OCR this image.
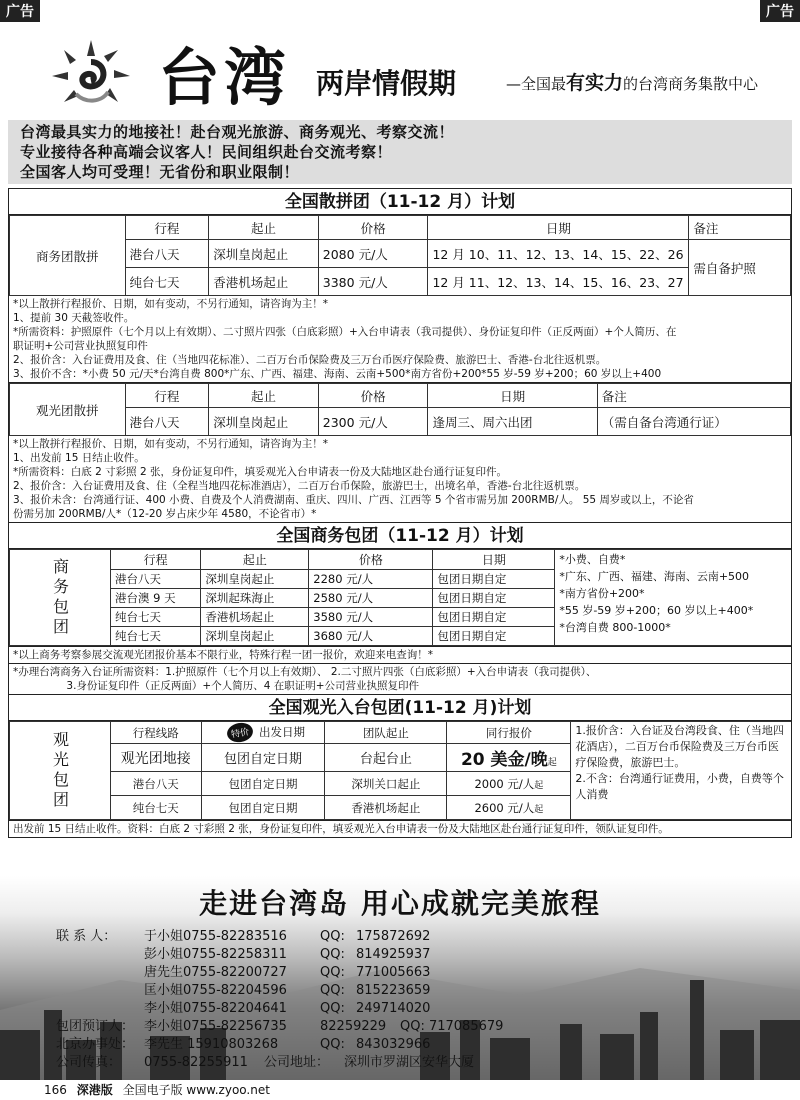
广告	广告
台湾 两岸情假期	—全国最有实力的台湾商务集散中心
台湾最具实力的地接社！赴台观光旅游、商务观光、考察交流！
专业接待各种高端会议客人！民间组织赴台交流考察！
全国客人均可受理！无省份和职业限制！
全国散拼团（11-12 月）计划
商务团散拼	行程	起止	价格	日期	备注
	港台八天	深圳皇岗起止	2080 元/人	12 月 10、11、12、13、14、15、22、26	需自备护照
	纯台七天	香港机场起止	3380 元/人	12 月 11、12、13、14、15、16、23、27	
*以上散拼行程报价、日期，如有变动，不另行通知，请咨询为主！*
1、提前 30 天截签收件。
*所需资料：护照原件（七个月以上有效期）、二寸照片四张（白底彩照）+入台申请表（我司提供）、身份证复印件（正反两面）+个人简历、在
职证明+公司营业执照复印件
2、报价含：入台证费用及食、住（当地四花标准）、二百万台币保险费及三万台币医疗保险费、旅游巴士、香港-台北往返机票。
3、报价不含：*小费 50 元/天*台湾自费 800*广东、广西、福建、海南、云南+500*南方省份+200*55 岁-59 岁+200；60 岁以上+400
观光团散拼	行程	起止	价格	日期	备注
	港台八天	深圳皇岗起止	2300 元/人	逢周三、周六出团	（需自备台湾通行证）
*以上散拼行程报价、日期，如有变动，不另行通知，请咨询为主！*
1、出发前 15 日结止收件。
*所需资料：白底 2 寸彩照 2 张，身份证复印件，填妥观光入台申请表一份及大陆地区赴台通行证复印件。
2、报价含：入台证费用及食、住（全程当地四花标准酒店），二百万台币保险，旅游巴士，出境名单，香港-台北往返机票。
3、报价未含：台湾通行证、400 小费、自费及个人消费湖南、重庆、四川、广西、江西等 5 个省市需另加 200RMB/人。 55 周岁或以上，不论省
份需另加 200RMB/人*（12-20 岁占床少年 4580，不论省市）*
全国商务包团（11-12 月）计划
商务包团	行程	起止	价格	日期	*小费、自费*
*广东、广西、福建、海南、云南+500
*南方省份+200*
*55 岁-59 岁+200；60 岁以上+400*
*台湾自费 800-1000*

	港台八天	深圳皇岗起止	2280 元/人	包团日期自定	
	港台澳 9 天	深圳起珠海止	2580 元/人	包团日期自定	
	纯台七天	香港机场起止	3580 元/人	包团日期自定	
	纯台七天	深圳皇岗起止	3680 元/人	包团日期自定	
*以上商务考察参展交流观光团报价基本不限行业，特殊行程一团一报价，欢迎来电查询！*
*办理台湾商务入台证所需资料：1.护照原件（七个月以上有效期）、 2.二寸照片四张（白底彩照）+入台申请表（我司提供）、
3.身份证复印件（正反两面）+个人简历、4 在职证明+公司营业执照复印件
全国观光入台包团(11-12 月)计划
观光包团	行程线路	特价 出发日期	团队起止	同行报价	1.报价含：入台证及台湾段食、住（当地四花酒店），二百万台币保险费及三万台币医疗保险费，旅游巴士。
2.不含：台湾通行证费用，小费，自费等个人消费

	观光团地接	包团自定日期	台起台止	20 美金/晚起	
	港台八天	包团自定日期	深圳关口起止	2000 元/人起	
	纯台七天	包团自定日期	香港机场起止	2600 元/人起	
出发前 15 日结止收件。资料：白底 2 寸彩照 2 张，身份证复印件，填妥观光入台申请表一份及大陆地区赴台通行证复印件，领队证复印件。
走进台湾岛 用心成就完美旅程
联 系 人： 于小姐0755-82283516	QQ: 175872692
彭小姐0755-82258311	QQ: 814925937
唐先生0755-82200727	QQ: 771005663
匡小姐0755-82204596	QQ: 815223659
李小姐0755-82204641	QQ: 249714020
包团预订人： 李小姐0755-82256735	82259229 QQ: 717085679
北京办事处： 李先生 15910803268	QQ: 843032966
公司传真： 0755-82255911 公司地址： 深圳市罗湖区安华大厦
166 深港版 全国电子版 www.zyoo.net
